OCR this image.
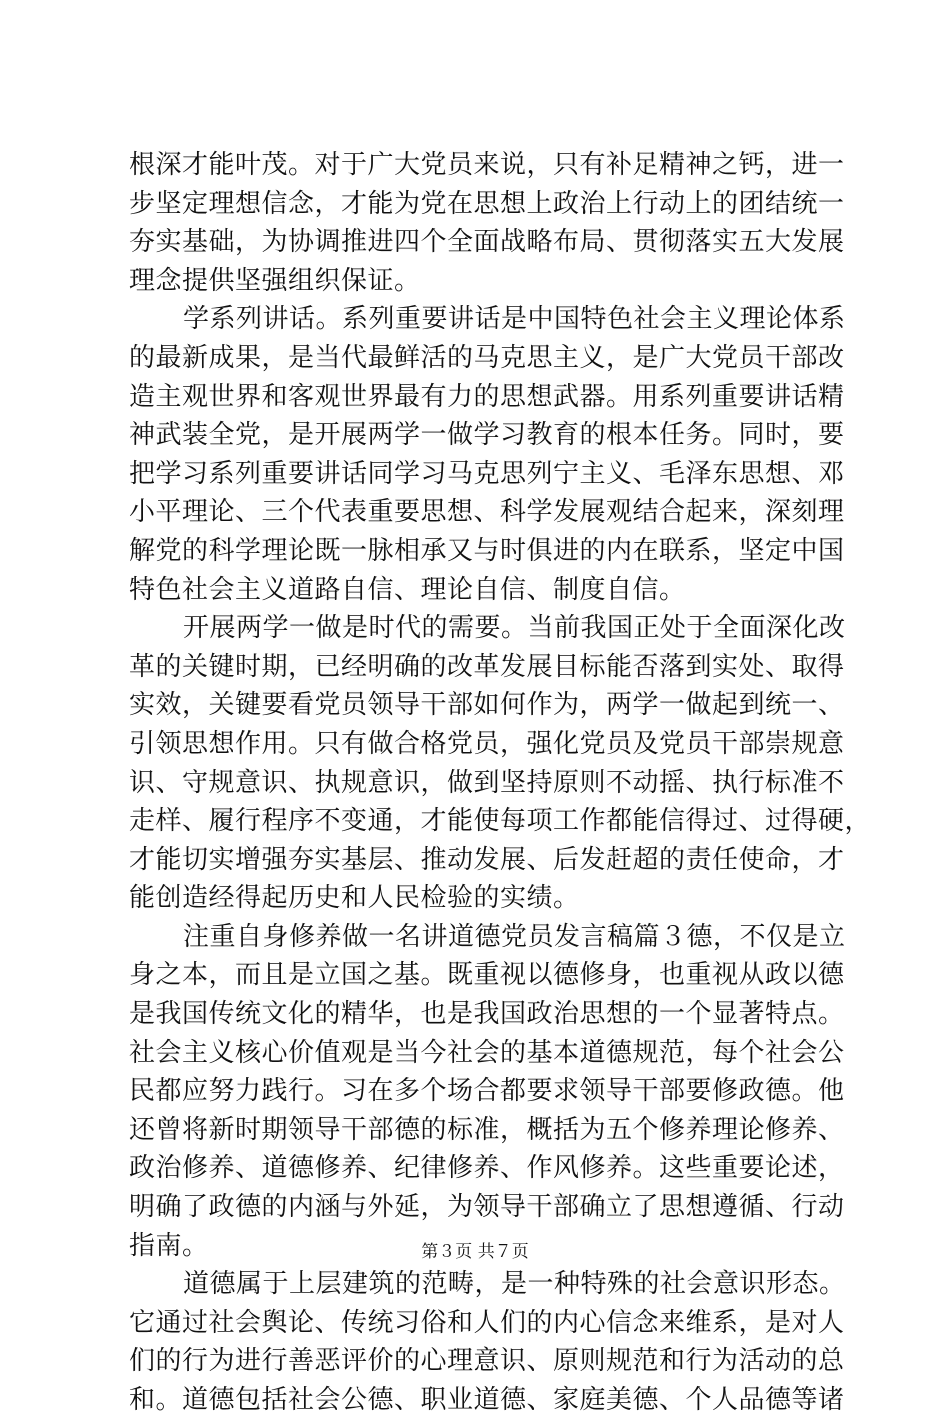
根深才能叶茂。对于广大党员来说，只有补足精神之钙，进一
步坚定理想信念，才能为党在思想上政治上行动上的团结统一
夯实基础，为协调推进四个全面战略布局、贯彻落实五大发展
理念提供坚强组织保证。
学系列讲话。系列重要讲话是中国特色社会主义理论体系
的最新成果，是当代最鲜活的马克思主义，是广大党员干部改
造主观世界和客观世界最有力的思想武器。用系列重要讲话精
神武装全党，是开展两学一做学习教育的根本任务。同时，要
把学习系列重要讲话同学习马克思列宁主义、毛泽东思想、邓
小平理论、三个代表重要思想、科学发展观结合起来，深刻理
解党的科学理论既一脉相承又与时俱进的内在联系，坚定中国
特色社会主义道路自信、理论自信、制度自信。
开展两学一做是时代的需要。当前我国正处于全面深化改
革的关键时期，已经明确的改革发展目标能否落到实处、取得
实效，关键要看党员领导干部如何作为，两学一做起到统一、
引领思想作用。只有做合格党员，强化党员及党员干部崇规意
识、守规意识、执规意识，做到坚持原则不动摇、执行标准不
走样、履行程序不变通，才能使每项工作都能信得过、过得硬，
才能切实增强夯实基层、推动发展、后发赶超的责任使命，才
能创造经得起历史和人民检验的实绩。
注重自身修养做一名讲道德党员发言稿篇３德，不仅是立
身之本，而且是立国之基。既重视以德修身，也重视从政以德
是我国传统文化的精华，也是我国政治思想的一个显著特点。
社会主义核心价值观是当今社会的基本道德规范，每个社会公
民都应努力践行。习在多个场合都要求领导干部要修政德。他
还曾将新时期领导干部德的标准，概括为五个修养理论修养、
政治修养、道德修养、纪律修养、作风修养。这些重要论述，
明确了政德的内涵与外延，为领导干部确立了思想遵循、行动
指南。
道德属于上层建筑的范畴，是一种特殊的社会意识形态。
它通过社会舆论、传统习俗和人们的内心信念来维系，是对人
们的行为进行善恶评价的心理意识、原则规范和行为活动的总
和。道德包括社会公德、职业道德、家庭美德、个人品德等诸
第３页 共７页
